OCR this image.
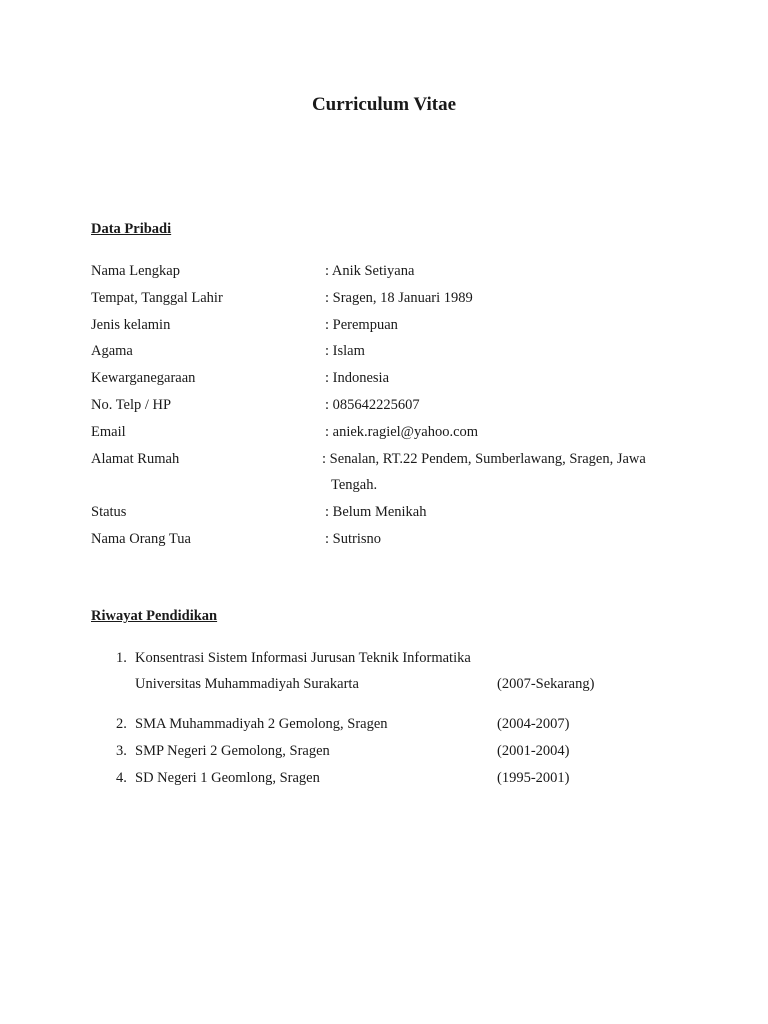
Curriculum Vitae
Data Pribadi
Nama Lengkap	: Anik Setiyana
Tempat, Tanggal Lahir	: Sragen, 18 Januari 1989
Jenis kelamin	: Perempuan
Agama	: Islam
Kewarganegaraan	: Indonesia
No. Telp / HP	: 085642225607
Email	: aniek.ragiel@yahoo.com
Alamat Rumah	: Senalan, RT.22 Pendem, Sumberlawang, Sragen, Jawa
Tengah.
Status	: Belum Menikah
Nama Orang Tua	: Sutrisno
Riwayat Pendidikan
1. Konsentrasi Sistem Informasi Jurusan Teknik Informatika
Universitas Muhammadiyah Surakarta	(2007-Sekarang)
2. SMA Muhammadiyah 2 Gemolong, Sragen	(2004-2007)
3. SMP Negeri 2 Gemolong, Sragen	(2001-2004)
4. SD Negeri 1 Geomlong, Sragen	(1995-2001)
